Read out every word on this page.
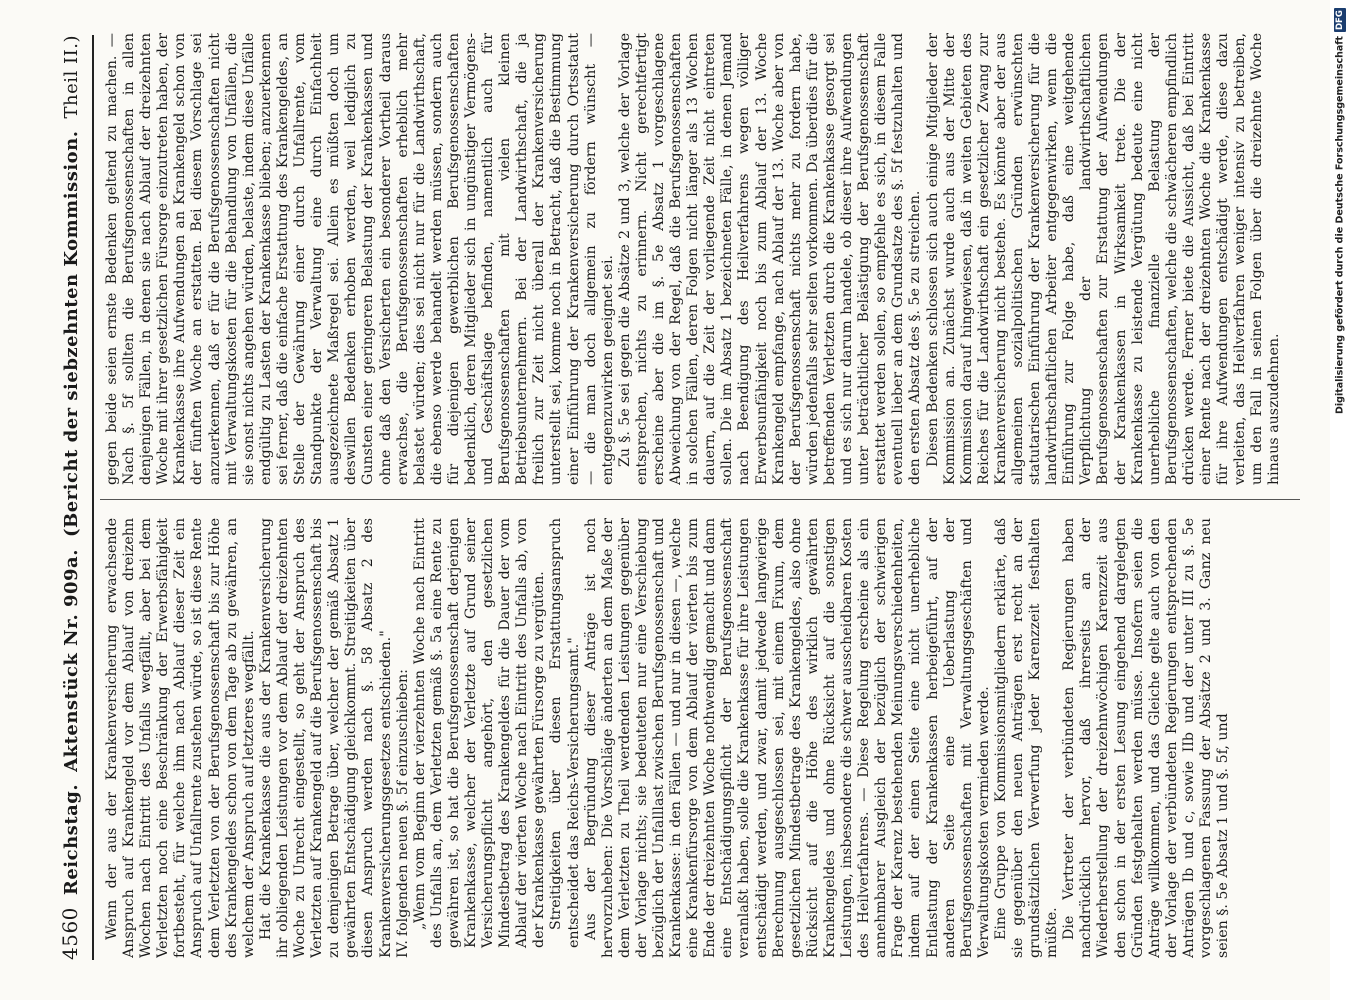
4560
Reichstag.
Aktenstück Nr. 909a.
(Bericht der siebzehnten Kommission.
Theil II.)

Wenn der aus der Krankenversicherung erwachsende Anspruch auf Krankengeld vor dem Ablauf von dreizehn Wochen nach Eintritt des Unfalls wegfällt, aber bei dem Verletzten noch eine Beschränkung der Erwerbsfähigkeit fortbesteht, für welche ihm nach Ablauf dieser Zeit ein Anspruch auf Unfallrente zustehen würde, so ist diese Rente dem Verletzten von der Berufsgenossenschaft bis zur Höhe des Krankengeldes schon von dem Tage ab zu gewähren, an welchem der Anspruch auf letzteres wegfällt. Hat die Krankenkasse die aus der Krankenversicherung ihr obliegenden Leistungen vor dem Ablauf der dreizehnten Woche zu Unrecht eingestellt, so geht der Anspruch des Verletzten auf Krankengeld auf die Berufsgenossenschaft bis zu demjenigen Betrage über, welcher der gemäß Absatz 1 gewährten Entschädigung gleichkommt. Streitigkeiten über diesen Anspruch werden nach §. 58 Absatz 2 des Krankenversicherungsgesetzes entschieden." IV.folgenden neuen §. 5f einzuschieben: „Wenn vom Beginn der vierzehnten Woche nach Eintritt des Unfalls an, dem Verletzten gemäß §. 5a eine Rente zu gewähren ist, so hat die Berufsgenossenschaft derjenigen Krankenkasse, welcher der Verletzte auf Grund seiner Versicherungspflicht angehört, den gesetzlichen Mindestbetrag des Krankengeldes für die Dauer der vom Ablauf der vierten Woche nach Eintritt des Unfalls ab, von der Krankenkasse gewährten Fürsorge zu vergüten. Streitigkeiten über diesen Erstattungsanspruch entscheidet das Reichs-Versicherungsamt." Aus der Begründung dieser Anträge ist noch hervorzuheben: Die Vorschläge änderten an dem Maße der dem Verletzten zu Theil werdenden Leistungen gegenüber der Vorlage nichts; sie bedeuteten nur eine Verschiebung bezüglich der Unfalllast zwischen Berufsgenossenschaft und Krankenkasse: in den Fällen — und nur in diesen —, welche eine Krankenfürsorge von dem Ablauf der vierten bis zum Ende der dreizehnten Woche nothwendig gemacht und dann eine Entschädigungspflicht der Berufsgenossenschaft veranlaßt haben, solle die Krankenkasse für ihre Leistungen entschädigt werden, und zwar, damit jedwede langwierige Berechnung ausgeschlossen sei, mit einem Fixum, dem gesetzlichen Mindestbetrage des Krankengeldes, also ohne Rücksicht auf die Höhe des wirklich gewährten Krankengeldes und ohne Rücksicht auf die sonstigen Leistungen, insbesondere die schwer ausscheidbaren Kosten des Heilverfahrens. — Diese Regelung erscheine als ein annehmbarer Ausgleich der bezüglich der schwierigen Frage der Karenz bestehenden Meinungsverschiedenheiten, indem auf der einen Seite eine nicht unerhebliche Entlastung der Krankenkassen herbeigeführt, auf der anderen Seite eine Ueberlastung der Berufsgenossenschaften mit Verwaltungsgeschäften und Verwaltungskosten vermieden werde. Eine Gruppe von Kommissionsmitgliedern erklärte, daß sie gegenüber den neuen Anträgen erst recht an der grundsätzlichen Verwerfung jeder Karenzzeit festhalten müßte. Die Vertreter der verbündeten Regierungen haben nachdrücklich hervor, daß ihrerseits an der Wiederherstellung der dreizehnwöchigen Karenzzeit aus den schon in der ersten Lesung eingehend dargelegten Gründen festgehalten werden müsse. Insofern seien die Anträge willkommen, und das Gleiche gelte auch von den der Vorlage der verbündeten Regierungen entsprechenden Anträgen Ib und c, sowie IIb und der unter III zu §. 5e vorgeschlagenen Fassung der Absätze 2 und 3. Ganz neu seien §. 5e Absatz 1 und §. 5f, und

gegen beide seien ernste Bedenken geltend zu machen. — Nach §. 5f sollten die Berufsgenossenschaften in allen denjenigen Fällen, in denen sie nach Ablauf der dreizehnten Woche mit ihrer gesetzlichen Fürsorge einzutreten haben, der Krankenkasse ihre Aufwendungen an Krankengeld schon von der fünften Woche an erstatten. Bei diesem Vorschlage sei anzuerkennen, daß er für die Berufsgenossenschaften nicht mit Verwaltungskosten für die Behandlung von Unfällen, die sie sonst nichts angehen würden, belaste, indem diese Unfälle endgültig zu Lasten der Krankenkasse blieben; anzuerkennen sei ferner, daß die einfache Erstattung des Krankengeldes, an Stelle der Gewährung einer durch Unfallrente, vom Standpunkte der Verwaltung eine durch Einfachheit ausgezeichnete Maßregel sei. Allein es müßten doch um deswillen Bedenken erhoben werden, weil lediglich zu Gunsten einer geringeren Belastung der Krankenkassen und ohne daß den Versicherten ein besonderer Vortheil daraus erwachse, die Berufsgenossenschaften erheblich mehr belastet würden; dies sei nicht nur für die Landwirthschaft, die ebenso werde behandelt werden müssen, sondern auch für diejenigen gewerblichen Berufsgenossenschaften bedenklich, deren Mitglieder sich in ungünstiger Vermögens- und Geschäftslage befinden, namentlich auch für Berufsgenossenschaften mit vielen kleinen Betriebsunternehmern. Bei der Landwirthschaft, die ja freilich zur Zeit nicht überall der Krankenversicherung unterstellt sei, komme noch in Betracht, daß die Bestimmung einer Einführung der Krankenversicherung durch Ortsstatut — die man doch allgemein zu fördern wünscht — entgegenzuwirken geeignet sei. Zu §. 5e sei gegen die Absätze 2 und 3, welche der Vorlage entsprechen, nichts zu erinnern. Nicht gerechtfertigt erscheine aber die im §. 5e Absatz 1 vorgeschlagene Abweichung von der Regel, daß die Berufsgenossenschaften in solchen Fällen, deren Folgen nicht länger als 13 Wochen dauern, auf die Zeit der vorliegende Zeit nicht eintreten sollen. Die im Absatz 1 bezeichneten Fälle, in denen Jemand nach Beendigung des Heilverfahrens wegen völliger Erwerbsunfähigkeit noch bis zum Ablauf der 13. Woche Krankengeld empfange, nach Ablauf der 13. Woche aber von der Berufsgenossenschaft nichts mehr zu fordern habe, würden jedenfalls sehr selten vorkommen. Da überdies für die betreffenden Verletzten durch die Krankenkasse gesorgt sei und es sich nur darum handele, ob dieser ihre Aufwendungen unter beträchtlicher Belästigung der Berufsgenossenschaft erstattet werden sollen, so empfehle es sich, in diesem Falle eventuell lieber an dem Grundsatze des §. 5f festzuhalten und den ersten Absatz des §. 5e zu streichen. Diesen Bedenken schlossen sich auch einige Mitglieder der Kommission an. Zunächst wurde auch aus der Mitte der Kommission darauf hingewiesen, daß in weiten Gebieten des Reiches für die Landwirthschaft ein gesetzlicher Zwang zur Krankenversicherung nicht bestehe. Es könnte aber der aus allgemeinen sozialpolitischen Gründen erwünschten statutarischen Einführung der Krankenversicherung für die landwirthschaftlichen Arbeiter entgegenwirken, wenn die Einführung zur Folge habe, daß eine weitgehende Verpflichtung der landwirthschaftlichen Berufsgenossenschaften zur Erstattung der Aufwendungen der Krankenkassen in Wirksamkeit trete. Die der Krankenkasse zu leistende Vergütung bedeute eine nicht unerhebliche finanzielle Belastung der Berufsgenossenschaften, welche die schwächeren empfindlich drücken werde. Ferner biete die Aussicht, daß bei Eintritt einer Rente nach der dreizehnten Woche die Krankenkasse für ihre Aufwendungen entschädigt werde, diese dazu verleiten, das Heilverfahren weniger intensiv zu betreiben, um den Fall in seinen Folgen über die dreizehnte Woche hinaus auszudehnen.	Digitalisierung gefördert durch die Deutsche Forschungsgemeinschaft
DFG
